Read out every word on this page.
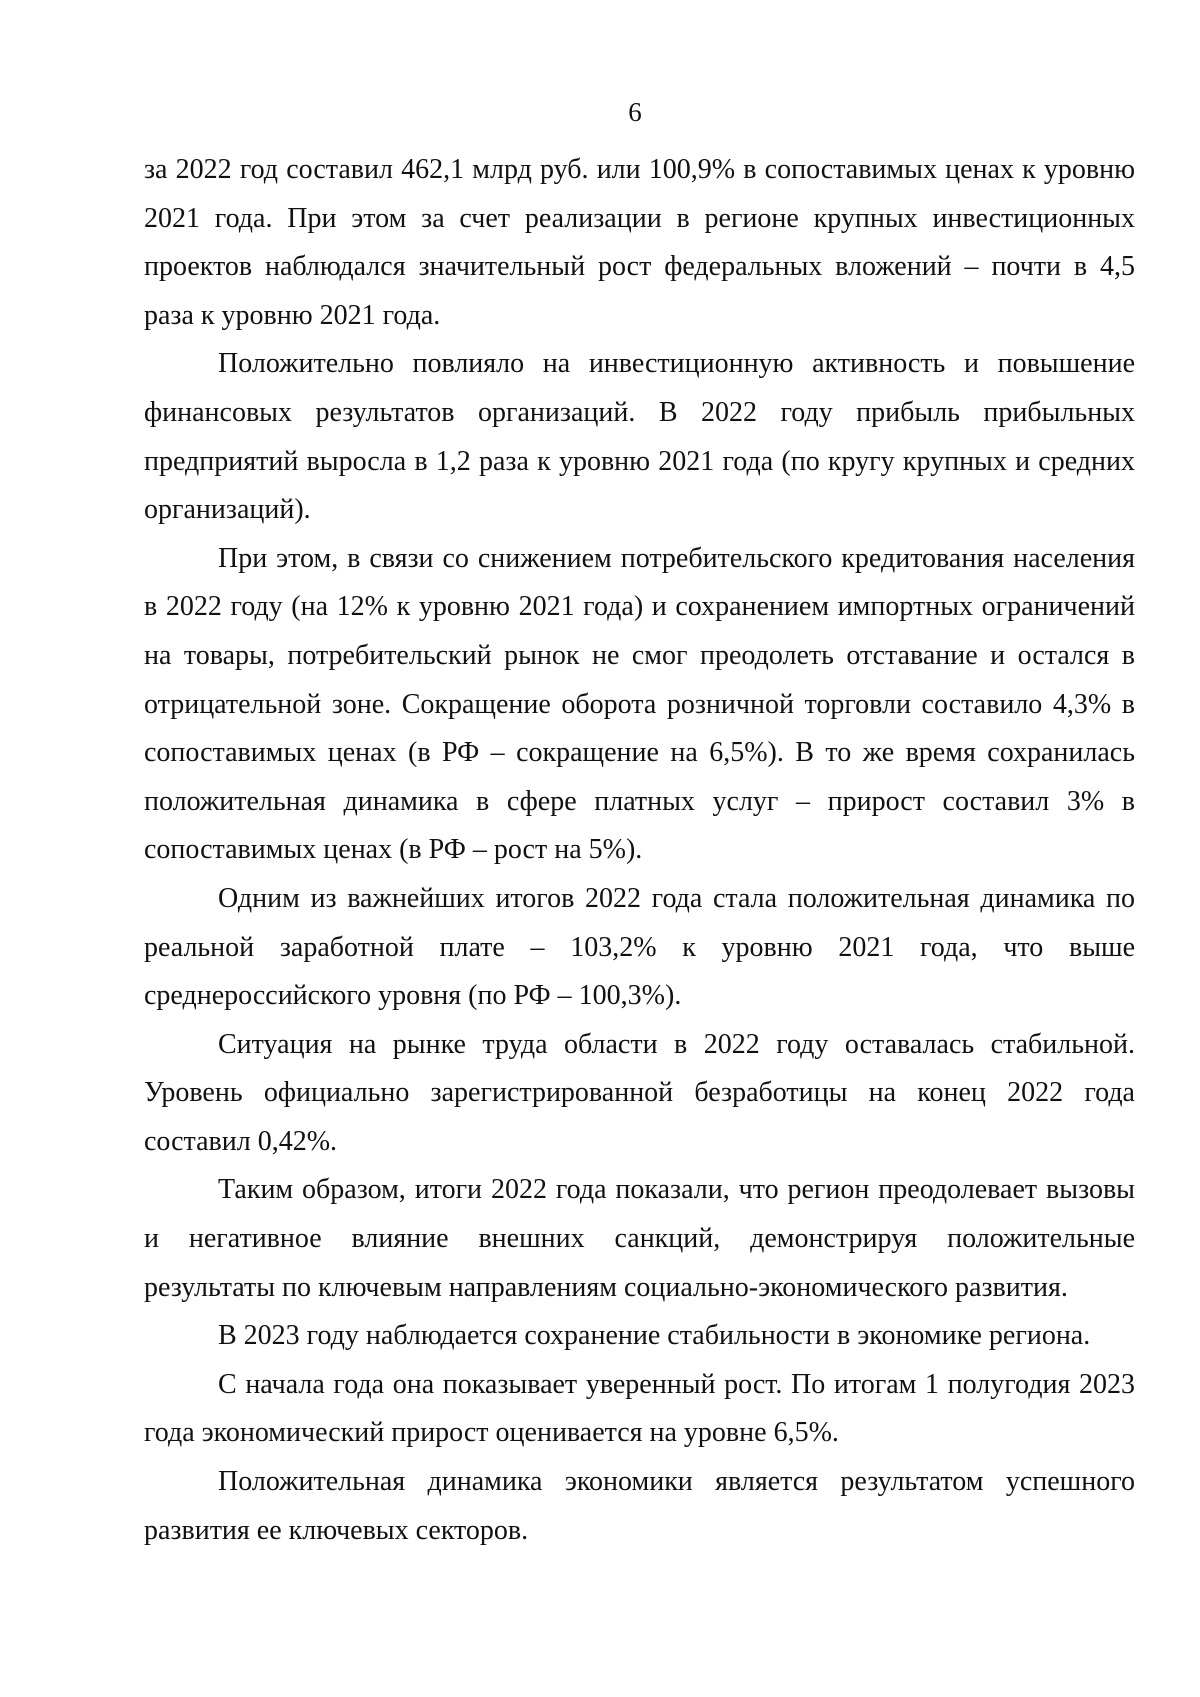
6

за 2022 год составил 462,1 млрд руб. или 100,9% в сопоставимых ценах к уровню 2021 года. При этом за счет реализации в регионе крупных инвестиционных проектов наблюдался значительный рост федеральных вложений – почти в 4,5 раза к уровню 2021 года.

Положительно повлияло на инвестиционную активность и повышение финансовых результатов организаций. В 2022 году прибыль прибыльных предприятий выросла в 1,2 раза к уровню 2021 года (по кругу крупных и средних организаций).

При этом, в связи со снижением потребительского кредитования населения в 2022 году (на 12% к уровню 2021 года) и сохранением импортных ограничений на товары, потребительский рынок не смог преодолеть отставание и остался в отрицательной зоне. Сокращение оборота розничной торговли составило 4,3% в сопоставимых ценах (в РФ – сокращение на 6,5%). В то же время сохранилась положительная динамика в сфере платных услуг – прирост составил 3% в сопоставимых ценах (в РФ – рост на 5%).

Одним из важнейших итогов 2022 года стала положительная динамика по реальной заработной плате – 103,2% к уровню 2021 года, что выше среднероссийского уровня (по РФ – 100,3%).

Ситуация на рынке труда области в 2022 году оставалась стабильной. Уровень официально зарегистрированной безработицы на конец 2022 года составил 0,42%.

Таким образом, итоги 2022 года показали, что регион преодолевает вызовы и негативное влияние внешних санкций, демонстрируя положительные результаты по ключевым направлениям социально-экономического развития.

В 2023 году наблюдается сохранение стабильности в экономике региона.

С начала года она показывает уверенный рост. По итогам 1 полугодия 2023 года экономический прирост оценивается на уровне 6,5%.

Положительная динамика экономики является результатом успешного развития ее ключевых секторов.
